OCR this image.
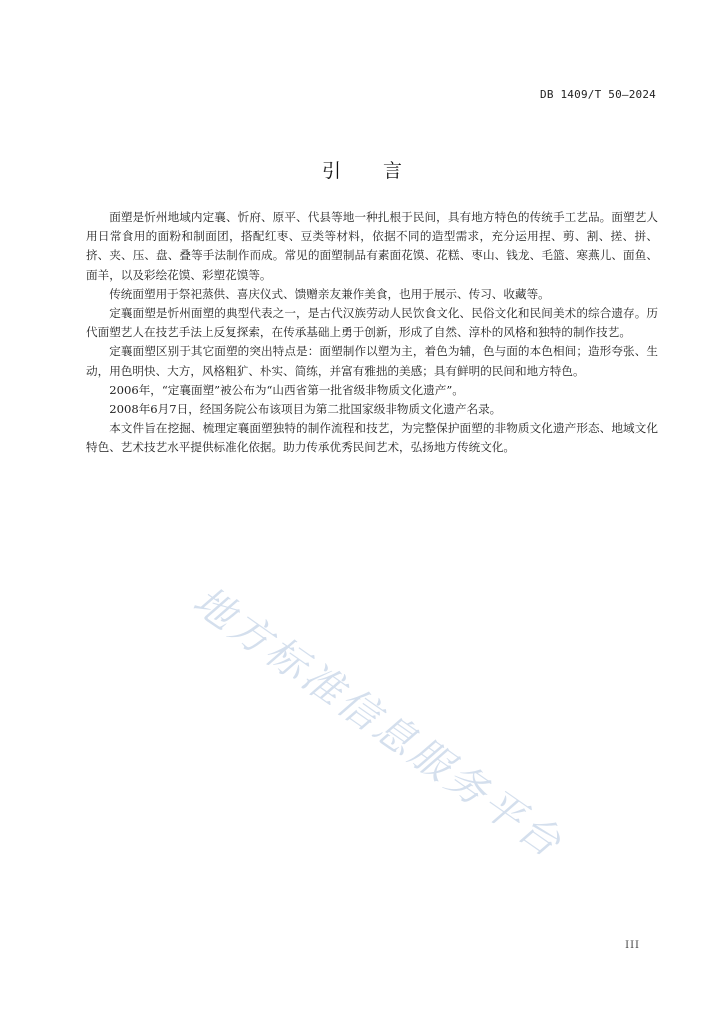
DB 1409/T 50—2024
引言

面塑是忻州地域内定襄、忻府、原平、代县等地一种扎根于民间，具有地方特色的传统手工艺品。面塑艺人用日常食用的面粉和制面团，搭配红枣、豆类等材料，依据不同的造型需求，充分运用捏、剪、割、搓、拼、挤、夹、压、盘、叠等手法制作而成。常见的面塑制品有素面花馍、花糕、枣山、钱龙、毛篮、寒燕儿、面鱼、面羊，以及彩绘花馍、彩塑花馍等。

传统面塑用于祭祀蒸供、喜庆仪式、馈赠亲友兼作美食，也用于展示、传习、收藏等。

定襄面塑是忻州面塑的典型代表之一，是古代汉族劳动人民饮食文化、民俗文化和民间美术的综合遗存。历代面塑艺人在技艺手法上反复探索，在传承基础上勇于创新，形成了自然、淳朴的风格和独特的制作技艺。

定襄面塑区别于其它面塑的突出特点是：面塑制作以塑为主，着色为辅，色与面的本色相间；造形夸张、生动，用色明快、大方，风格粗犷、朴实、简练，并富有雅拙的美感；具有鲜明的民间和地方特色。

2006年，“定襄面塑”被公布为“山西省第一批省级非物质文化遗产”。

2008年6月7日，经国务院公布该项目为第二批国家级非物质文化遗产名录。

本文件旨在挖掘、梳理定襄面塑独特的制作流程和技艺，为完整保护面塑的非物质文化遗产形态、地域文化特色、艺术技艺水平提供标准化依据。助力传承优秀民间艺术，弘扬地方传统文化。

地方标准信息服务平台
III
